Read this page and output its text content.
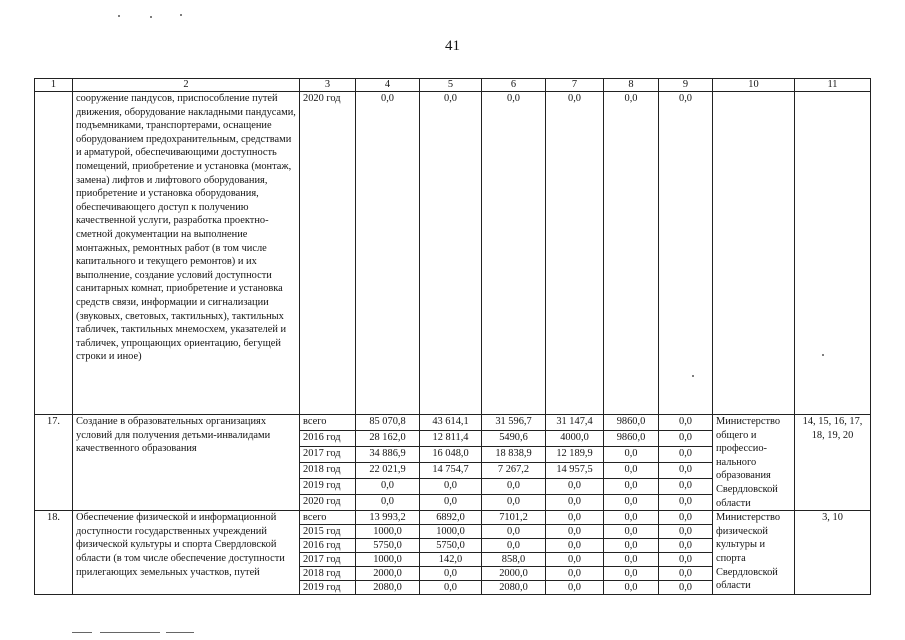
41
1	2	3	4	5	6	7	8	9	10	11
	сооружение пандусов, приспособление путей движения, оборудование накладными пандусами, подъемниками, транспортерами, оснащение оборудованием предохранительным, средствами и арматурой, обеспечивающими доступность помещений, приобретение и установка (монтаж, замена) лифтов и лифтового оборудования, приобретение и установка оборудования, обеспечивающего доступ к получению качественной услуги, разработка проектно-сметной документации на выполнение монтажных, ремонтных работ (в том числе капитального и текущего ремонтов) и их выполнение, создание условий доступности санитарных комнат, приобретение и установка средств связи, информации и сигнализации (звуковых, световых, тактильных), тактильных табличек, тактильных мнемосхем, указателей и табличек, упрощающих ориентацию, бегущей строки и иное)	2020 год	0,0	0,0	0,0	0,0	0,0	0,0		
17.	Создание в образовательных организациях условий для получения детьми-инвалидами качественного образования	всего	85 070,8	43 614,1	31 596,7	31 147,4	9860,0	0,0	Министерство общего и профессио-нального образования Свердловской области	14, 15, 16, 17, 18, 19, 20
		2016 год	28 162,0	12 811,4	5490,6	4000,0	9860,0	0,0		
		2017 год	34 886,9	16 048,0	18 838,9	12 189,9	0,0	0,0		
		2018 год	22 021,9	14 754,7	7 267,2	14 957,5	0,0	0,0		
		2019 год	0,0	0,0	0,0	0,0	0,0	0,0		
		2020 год	0,0	0,0	0,0	0,0	0,0	0,0		
18.	Обеспечение физической и информационной доступности государственных учреждений физической культуры и спорта Свердловской области (в том числе обеспечение доступности прилегающих земельных участков, путей	всего	13 993,2	6892,0	7101,2	0,0	0,0	0,0	Министерство физической культуры и спорта Свердловской области	3, 10
		2015 год	1000,0	1000,0	0,0	0,0	0,0	0,0		
		2016 год	5750,0	5750,0	0,0	0,0	0,0	0,0		
		2017 год	1000,0	142,0	858,0	0,0	0,0	0,0		
		2018 год	2000,0	0,0	2000,0	0,0	0,0	0,0		
		2019 год	2080,0	0,0	2080,0	0,0	0,0	0,0		
